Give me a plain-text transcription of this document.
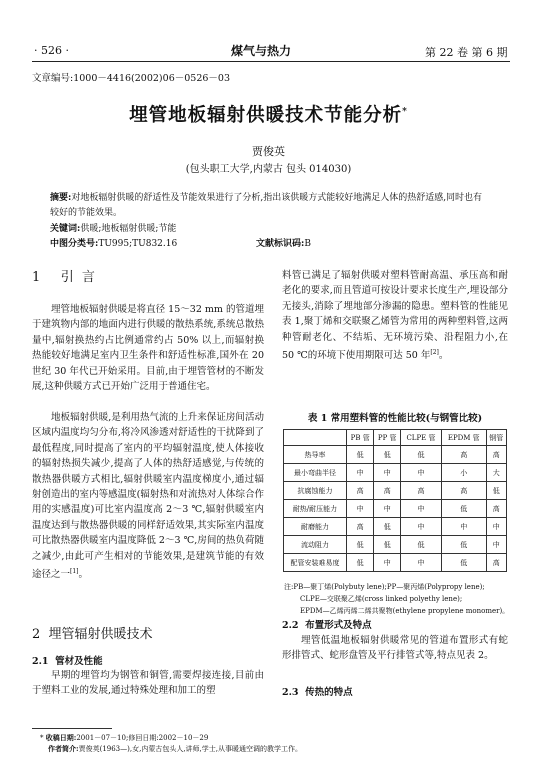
· 526 ·	煤气与热力	第 22 卷 第 6 期
文章编号:1000－4416(2002)06－0526－03
埋管地板辐射供暖技术节能分析*
贾俊英
(包头职工大学,内蒙古 包头 014030)
摘要:对地板辐射供暖的舒适性及节能效果进行了分析,指出该供暖方式能较好地满足人体的热舒适感,同时也有较好的节能效果。
关键词:供暖;地板辐射供暖;节能
中图分类号:TU995;TU832.16	文献标识码:B
1 引 言
埋管地板辐射供暖是将直径 15～32 mm 的管道埋于建筑物内部的地面内进行供暖的散热系统,系统总散热量中,辐射换热约占比例通常约占 50% 以上,而辐射换热能较好地满足室内卫生条件和舒适性标准,国外在 20 世纪 30 年代已开始采用。目前,由于埋管管材的不断发展,这种供暖方式已开始广泛用于普通住宅。
地板辐射供暖,是利用热气流的上升来保证房间活动区域内温度均匀分布,将冷风渗透对舒适性的干扰降到了最低程度,同时提高了室内的平均辐射温度,使人体接收的辐射热损失减少,提高了人体的热舒适感觉,与传统的散热器供暖方式相比,辐射供暖室内温度梯度小,通过辐射创造出的室内等感温度(辐射热和对流热对人体综合作用的实感温度)可比室内温度高 2～3 ℃,辐射供暖室内温度达到与散热器供暖的同样舒适效果,其实际室内温度可比散热器供暖室内温度降低 2～3 ℃,房间的热负荷随之减少,由此可产生相对的节能效果,是建筑节能的有效途径之一[1]。
2 埋管辐射供暖技术
2.1 管材及性能
早期的埋管均为钢管和铜管,需要焊接连接,目前由于塑料工业的发展,通过特殊处理和加工的塑
料管已满足了辐射供暖对塑料管耐高温、承压高和耐老化的要求,而且管道可按设计要求长度生产,埋设部分无接头,消除了埋地部分渗漏的隐患。塑料管的性能见表 1,聚丁烯和交联聚乙烯管为常用的两种塑料管,这两种管耐老化、不结垢、无环境污染、沿程阻力小,在 50 ℃的环境下使用期限可达 50 年[2]。
表 1 常用塑料管的性能比较(与钢管比较)
	PB 管	PP 管	CLPE 管	EPDM 管	钢管
热导率	低	低	低	高	高
最小弯曲半径	中	中	中	小	大
抗腐蚀能力	高	高	高	高	低
耐热/耐压能力	中	中	中	低	高
耐磨能力	高	低	中	中	中
流动阻力	低	低	低	低	中
配管安装难易度	低	中	中	低	高
注:PB—聚丁烯(Polybuty lene);PP—聚丙烯(Polypropy lene);
CLPE—交联聚乙烯(cross linked polyethy lene);
EPDM—乙烯丙烯二烯共聚物(ethylene propylene monomer)。
2.2 布置形式及特点
埋管低温地板辐射供暖常见的管道布置形式有蛇形排管式、蛇形盘管及平行排管式等,特点见表 2。
2.3 传热的特点
* 收稿日期:2001－07－10;修回日期:2002－10－29
作者简介:贾俊英(1963—),女,内蒙古包头人,讲师,学士,从事暖通空调的教学工作。
